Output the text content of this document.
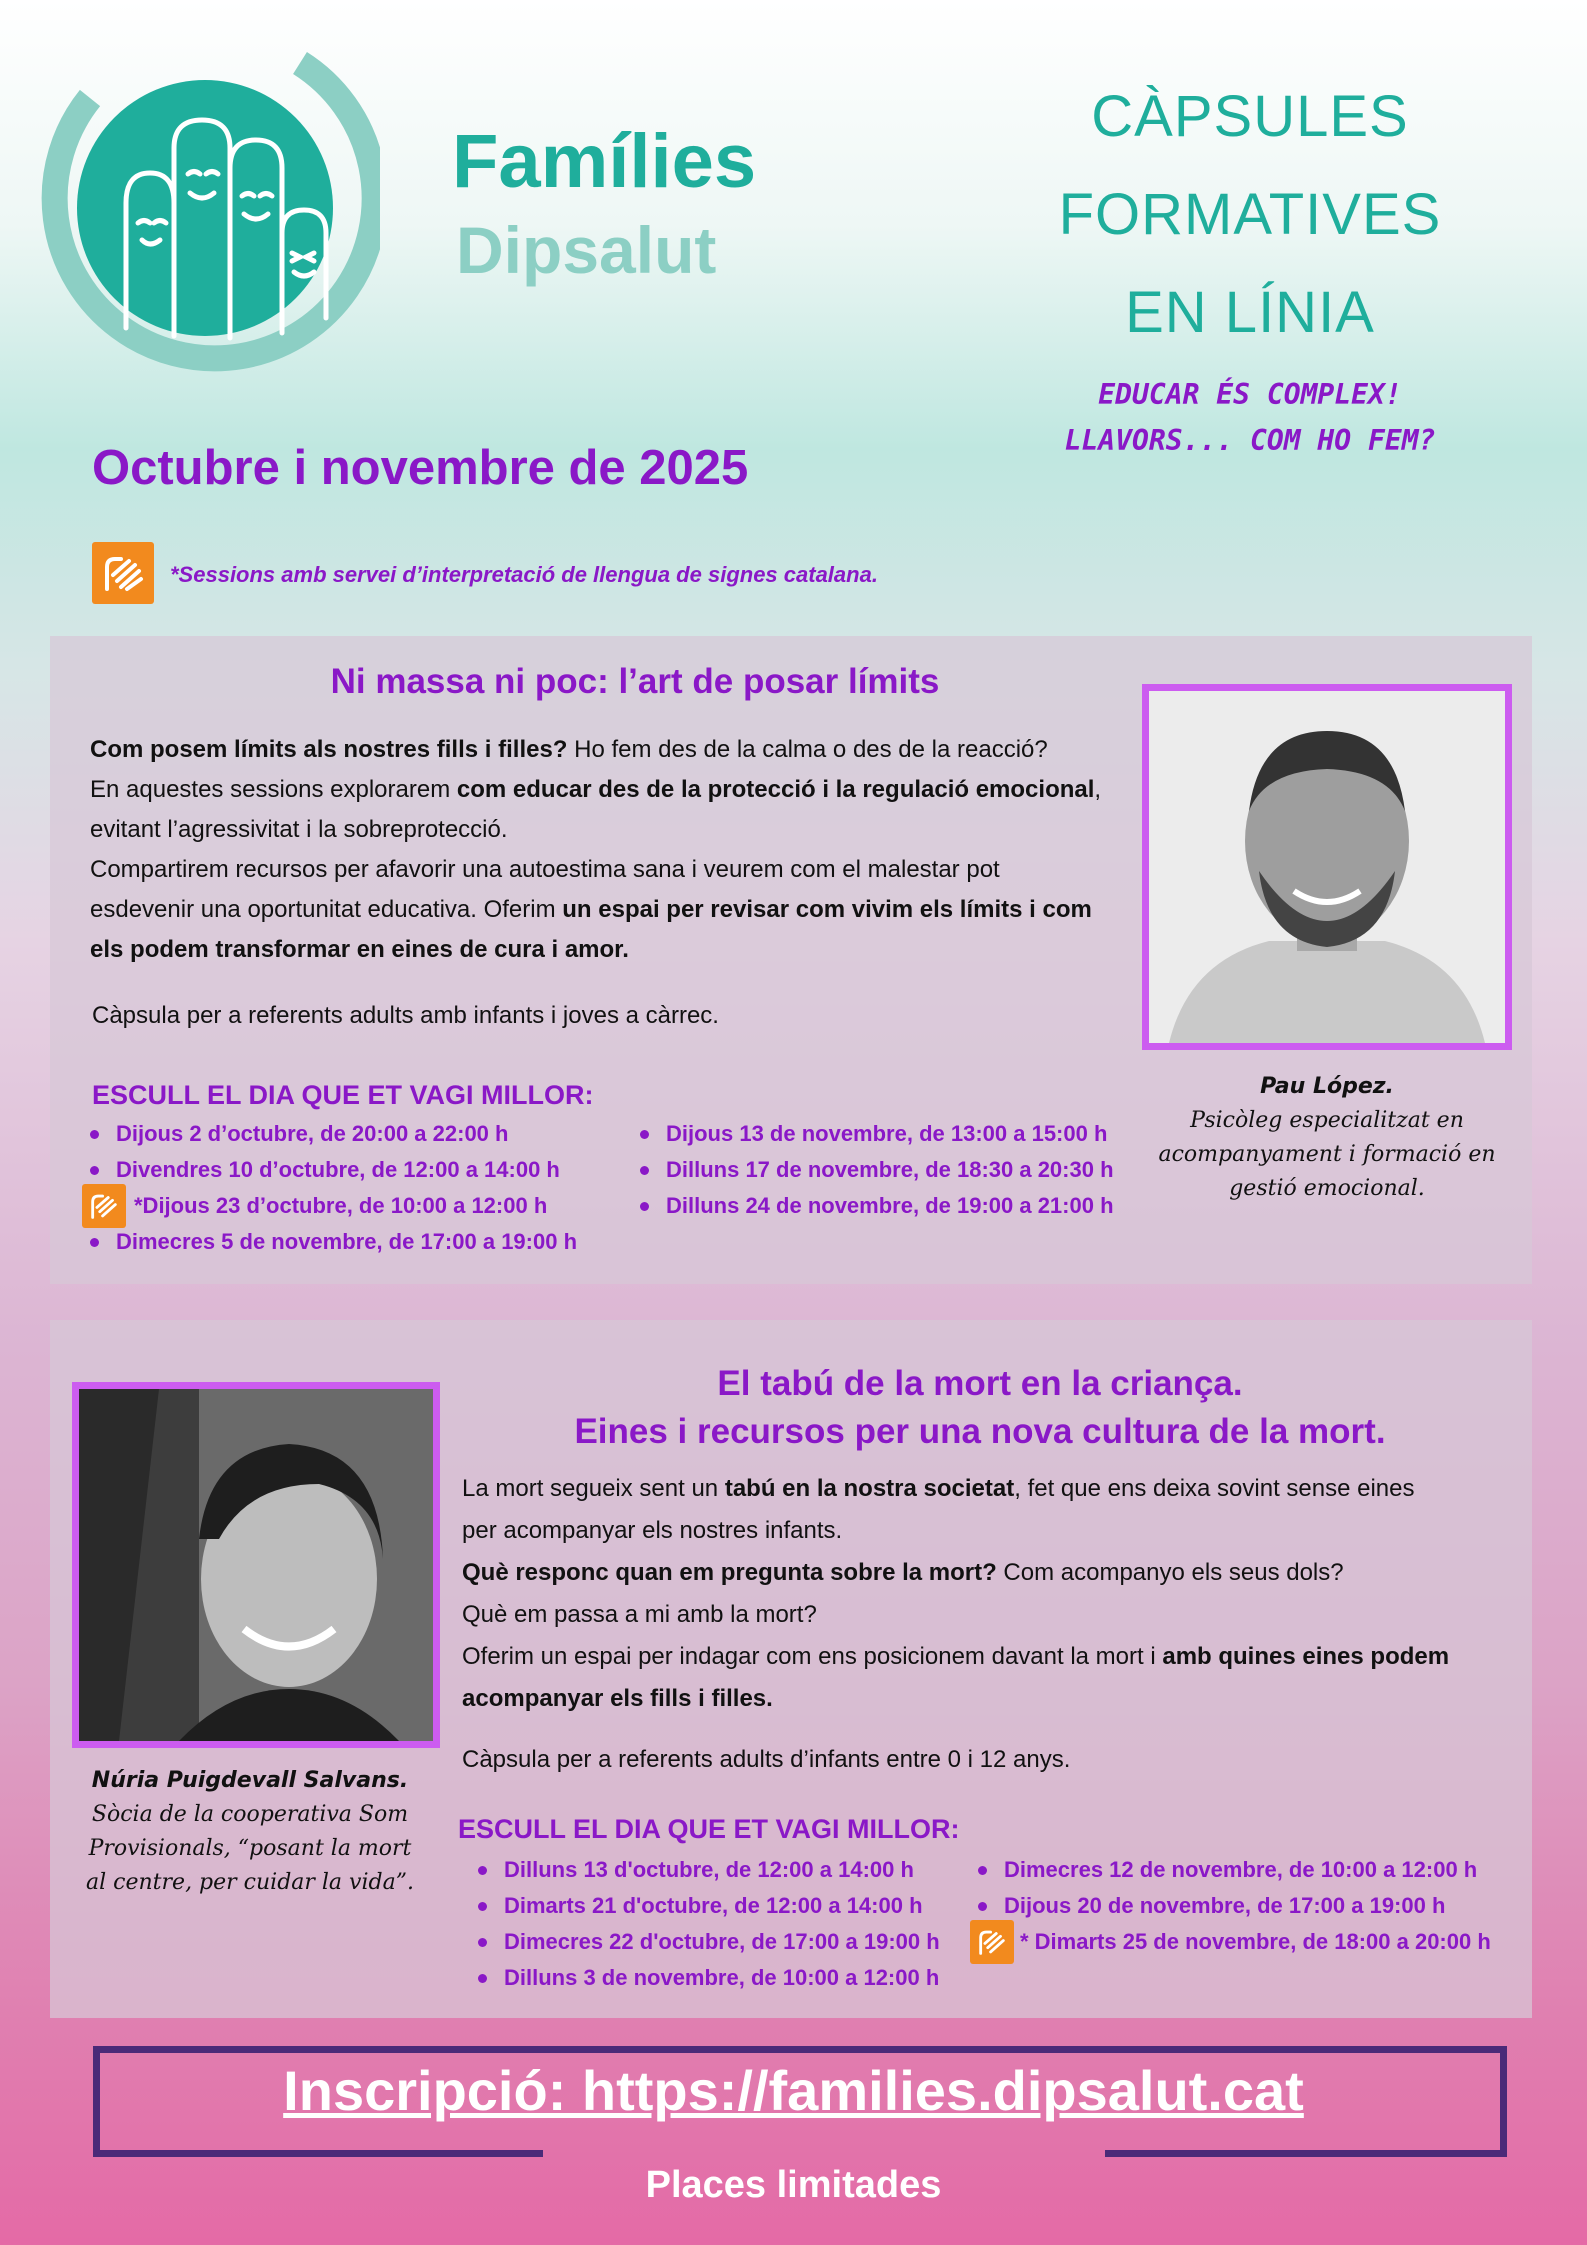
Famílies
Dipsalut
CÀPSULES
FORMATIVES
EN LÍNIA
EDUCAR ÉS COMPLEX!
LLAVORS... COM HO FEM?
Octubre i novembre de 2025
*Sessions amb servei d’interpretació de llengua de signes catalana.
Ni massa ni poc: l’art de posar límits
Com posem límits als nostres fills i filles? Ho fem des de la calma o des de la reacció?
En aquestes sessions explorarem com educar des de la protecció i la regulació emocional,
evitant l’agressivitat i la sobreprotecció.
Compartirem recursos per afavorir una autoestima sana i veurem com el malestar pot
esdevenir una oportunitat educativa. Oferim un espai per revisar com vivim els límits i com
els podem transformar en eines de cura i amor.
Càpsula per a referents adults amb infants i joves a càrrec.
ESCULL EL DIA QUE ET VAGI MILLOR:
Dijous 2 d’octubre, de 20:00 a 22:00 h
Divendres 10 d’octubre, de 12:00 a 14:00 h
*Dijous 23 d’octubre, de 10:00 a 12:00 h
Dimecres 5 de novembre, de 17:00 a 19:00 h
Dijous 13 de novembre, de 13:00 a 15:00 h
Dilluns 17 de novembre, de 18:30 a 20:30 h
Dilluns 24 de novembre, de 19:00 a 21:00 h
Pau López.
Psicòleg especialitzat en
acompanyament i formació en
gestió emocional.
Núria Puigdevall Salvans.
Sòcia de la cooperativa Som
Provisionals, “posant la mort
al centre, per cuidar la vida”.
El tabú de la mort en la criança.
Eines i recursos per una nova cultura de la mort.
La mort segueix sent un tabú en la nostra societat, fet que ens deixa sovint sense eines
per acompanyar els nostres infants.
Què responc quan em pregunta sobre la mort? Com acompanyo els seus dols?
Què em passa a mi amb la mort?
Oferim un espai per indagar com ens posicionem davant la mort i amb quines eines podem
acompanyar els fills i filles.
Càpsula per a referents adults d’infants entre 0 i 12 anys.
ESCULL EL DIA QUE ET VAGI MILLOR:
Dilluns 13 d'octubre, de 12:00 a 14:00 h
Dimarts 21 d'octubre, de 12:00 a 14:00 h
Dimecres 22 d'octubre, de 17:00 a 19:00 h
Dilluns 3 de novembre, de 10:00 a 12:00 h
Dimecres 12 de novembre, de 10:00 a 12:00 h
Dijous 20 de novembre, de 17:00 a 19:00 h
* Dimarts 25 de novembre, de 18:00 a 20:00 h
Inscripció: https://families.dipsalut.cat
Places limitades
